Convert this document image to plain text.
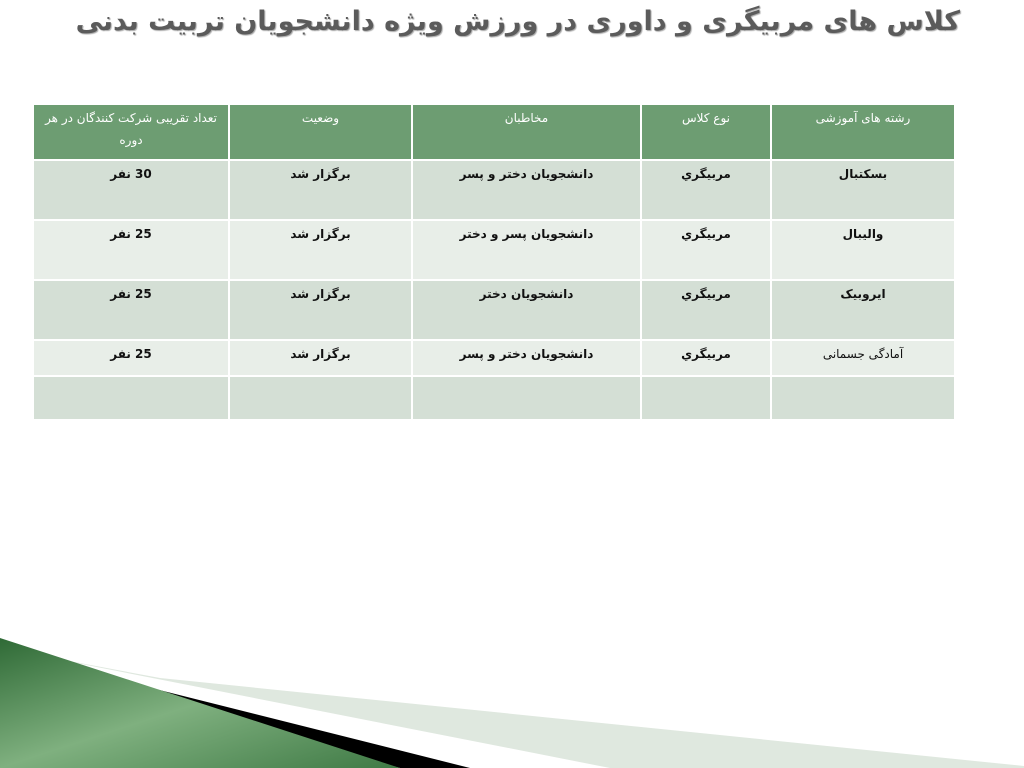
کلاس های مربیگری و داوری در ورزش ویژه دانشجویان تربیت بدنی
رشته های آموزشی	نوع کلاس	مخاطبان	وضعیت	تعداد تقریبی شرکت کنندگان در هر دوره
بسکتبال	مربيگري	دانشجویان دختر و پسر	برگزار شد	30 نفر
والیبال	مربيگري	دانشجویان پسر و دختر	برگزار شد	25 نفر
ایروبیک	مربيگري	دانشجویان دختر	برگزار شد	25 نفر
آمادگی جسمانی	مربيگري	دانشجویان دختر و پسر	برگزار شد	25 نفر
